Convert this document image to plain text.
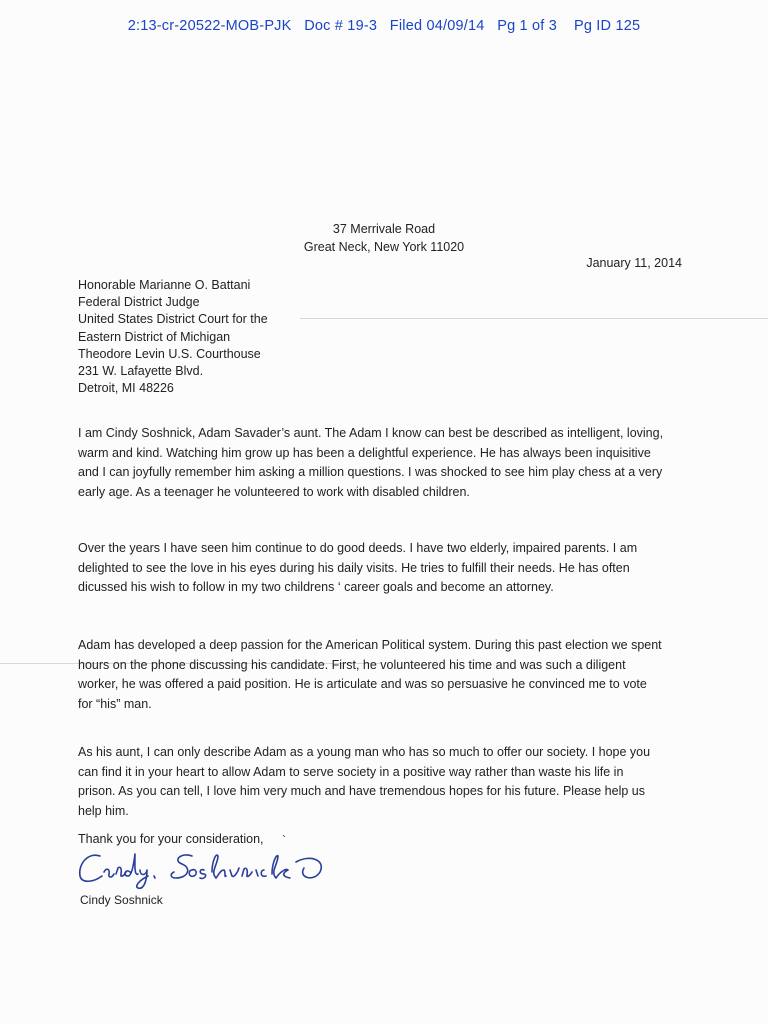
2:13-cr-20522-MOB-PJK   Doc # 19-3   Filed 04/09/14   Pg 1 of 3    Pg ID 125
37 Merrivale Road
Great Neck, New York 11020
January 11, 2014
Honorable Marianne O. Battani
Federal District Judge
United States District Court for the
Eastern District of Michigan
Theodore Levin U.S. Courthouse
231 W. Lafayette Blvd.
Detroit, MI 48226

I am Cindy Soshnick, Adam Savader’s aunt. The Adam I know can best be described as intelligent, loving,
warm and kind. Watching him grow up has been a delightful experience. He has always been inquisitive
and I can joyfully remember him asking a million questions. I was shocked to see him play chess at a very
early age. As a teenager he volunteered to work with disabled children.

Over the years I have seen him continue to do good deeds. I have two elderly, impaired parents. I am
delighted to see the love in his eyes during his daily visits. He tries to fulfill their needs. He has often
dicussed his wish to follow in my two childrens ‘ career goals and become an attorney.

Adam has developed a deep passion for the American Political system. During this past election we spent
hours on the phone discussing his candidate. First, he volunteered his time and was such a diligent
worker, he was offered a paid position. He is articulate and was so persuasive he convinced me to vote
for “his” man.

As his aunt, I can only describe Adam as a young man who has so much to offer our society. I hope you
can find it in your heart to allow Adam to serve society in a positive way rather than waste his life in
prison. As you can tell, I love him very much and have tremendous hopes for his future. Please help us
help him.

Thank you for your consideration, `
Cindy Soshnick
